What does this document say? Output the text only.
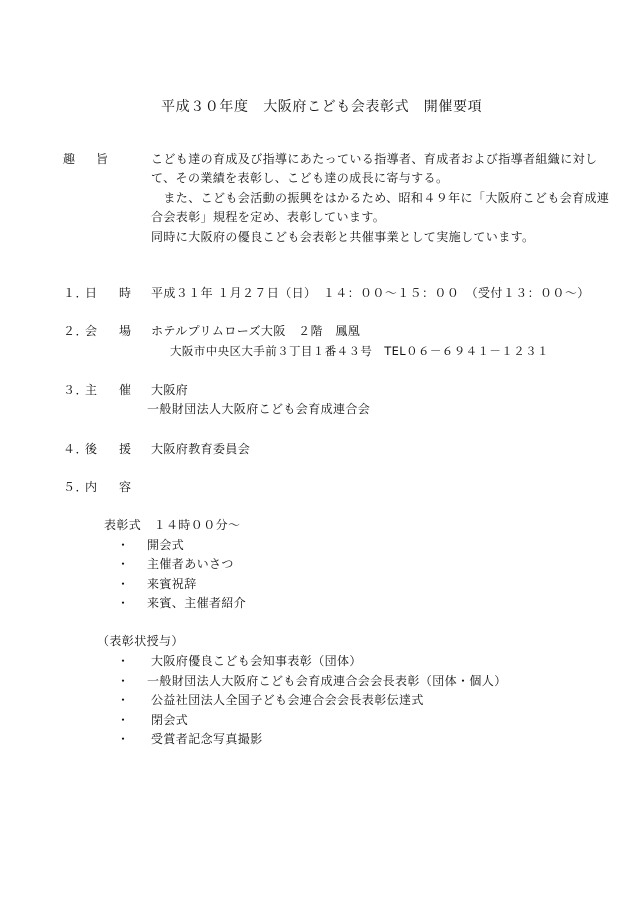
平成３０年度　大阪府こども会表彰式　開催要項
趣 旨	こども達の育成及び指導にあたっている指導者、育成者および指導者組織に対し
て、その業績を表彰し、こども達の成長に寄与する。
　また、こども会活動の振興をはかるため、昭和４９年に「大阪府こども会育成連
合会表彰」規程を定め、表彰しています。
同時に大阪府の優良こども会表彰と共催事業として実施しています。
１．
日 時 平成３１年 １月２７日（日）　１４：００～１５：００　（受付１３：００～）
２．
会 場 ホテルプリムローズ大阪　２階　鳳凰
大阪市中央区大手前３丁目１番４３号　TEL０６－６９４１－１２３１
３．
主 催 大阪府
一般財団法人大阪府こども会育成連合会
４．
後 援 大阪府教育委員会
５．
内 容
表彰式　１４時００分～
・ 開会式
・ 主催者あいさつ
・ 来賓祝辞
・ 来賓、主催者紹介
（表彰状授与）
・ 大阪府優良こども会知事表彰（団体）
・ 一般財団法人大阪府こども会育成連合会会長表彰（団体・個人）
・ 公益社団法人全国子ども会連合会会長表彰伝達式
・ 閉会式
・ 受賞者記念写真撮影
